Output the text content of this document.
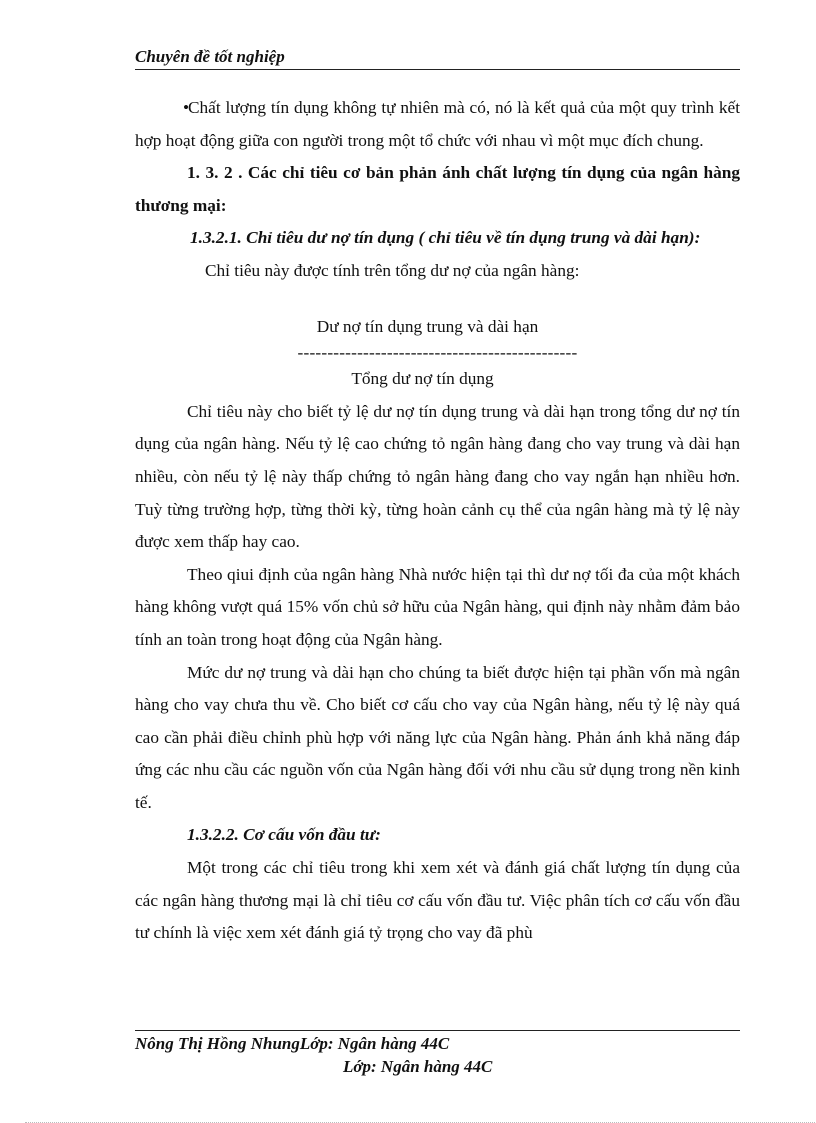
Chuyên đề tốt nghiệp

•
Chất lượng tín dụng không tự nhiên mà có, nó là kết quả của một quy trình kết hợp hoạt động giữa con người trong một tổ chức với nhau vì một mục đích chung.

1. 3. 2 . Các chỉ tiêu cơ bản phản ánh chất lượng tín dụng của ngân hàng thương mại:

1.3.2.1. Chỉ tiêu dư nợ tín dụng ( chỉ tiêu về tín dụng trung và dài hạn):

Chỉ tiêu này được tính trên tổng dư nợ của ngân hàng:

Dư nợ tín dụng trung và dài hạn
-----------------------------------------------
Tổng dư nợ tín dụng

Chỉ tiêu này cho biết tỷ lệ dư nợ tín dụng trung và dài hạn trong tổng dư nợ tín dụng của ngân hàng. Nếu tỷ lệ cao chứng tỏ ngân hàng đang cho vay trung và dài hạn nhiều, còn nếu tỷ lệ này thấp chứng tỏ ngân hàng đang cho vay ngắn hạn nhiều hơn. Tuỳ từng trường hợp, từng thời kỳ, từng hoàn cảnh cụ thể của ngân hàng mà tỷ lệ này được xem thấp hay cao.

Theo qiui định của ngân hàng Nhà nước hiện tại thì dư nợ tối đa của một khách hàng không vượt quá 15% vốn chủ sở hữu của Ngân hàng, qui định này nhằm đảm bảo tính an toàn trong hoạt động của Ngân hàng.

Mức dư nợ trung và dài hạn cho chúng ta biết được hiện tại phần vốn mà ngân hàng cho vay chưa thu về. Cho biết cơ cấu cho vay của Ngân hàng, nếu tỷ lệ này quá cao cần phải điều chỉnh phù hợp với năng lực của Ngân hàng. Phản ánh khả năng đáp ứng các nhu cầu các nguồn vốn của Ngân hàng đối với nhu cầu sử dụng trong nền kinh tế.

1.3.2.2. Cơ cấu vốn đầu tư:

Một trong các chỉ tiêu trong khi xem xét và đánh giá chất lượng tín dụng của các ngân hàng thương mại là chỉ tiêu cơ cấu vốn đầu tư. Việc phân tích cơ cấu vốn đầu tư chính là việc xem xét đánh giá tỷ trọng cho vay đã phù

Nông Thị Hồng NhungLớp: Ngân hàng 44C
Lớp: Ngân hàng 44C
